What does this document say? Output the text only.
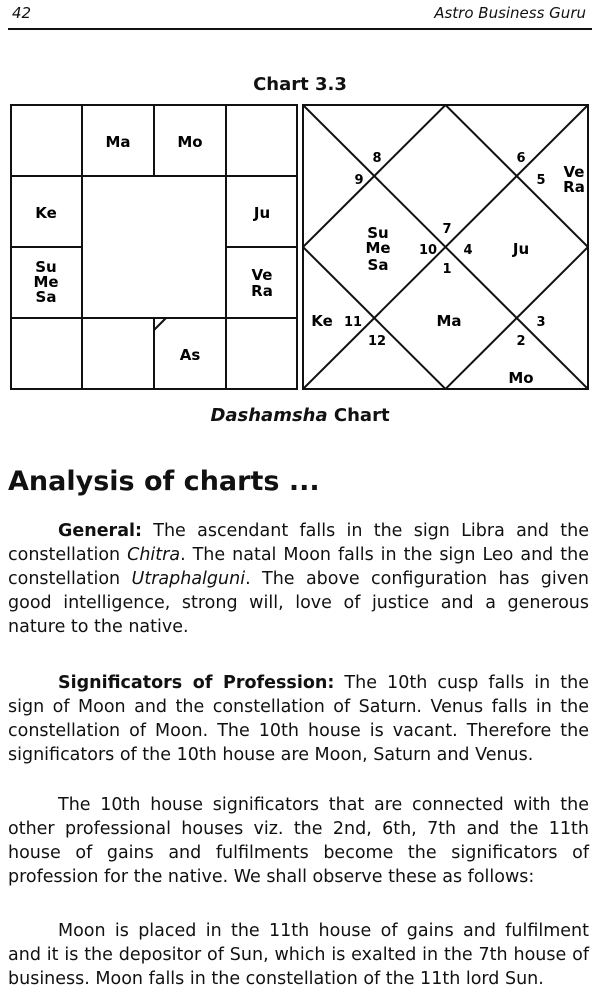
42	Astro Business Guru
Chart 3.3
Ma	Mo
Ke	Ju
Su Me Sa
Ve Ra
As
8
9
6
5
7
10 4
1
11	3
12	2
Ve Ra
Su Me Sa
Ju
Ma
Ke
Mo
Dashamsha Chart
Analysis of charts ...
General: The ascendant falls in the sign Libra and the constellation Chitra. The natal Moon falls in the sign Leo and the constellation Utraphalguni. The above configuration has given good intelligence, strong will, love of justice and a generous nature to the native.
Significators of Profession: The 10th cusp falls in the sign of Moon and the constellation of Saturn. Venus falls in the constellation of Moon. The 10th house is vacant. Therefore the significators of the 10th house are Moon, Saturn and Venus.
The 10th house significators that are connected with the other professional houses viz. the 2nd, 6th, 7th and the 11th house of gains and fulfilments become the significators of profession for the native. We shall observe these as follows:
Moon is placed in the 11th house of gains and fulfilment and it is the depositor of Sun, which is exalted in the 7th house of business. Moon falls in the constellation of the 11th lord Sun.
